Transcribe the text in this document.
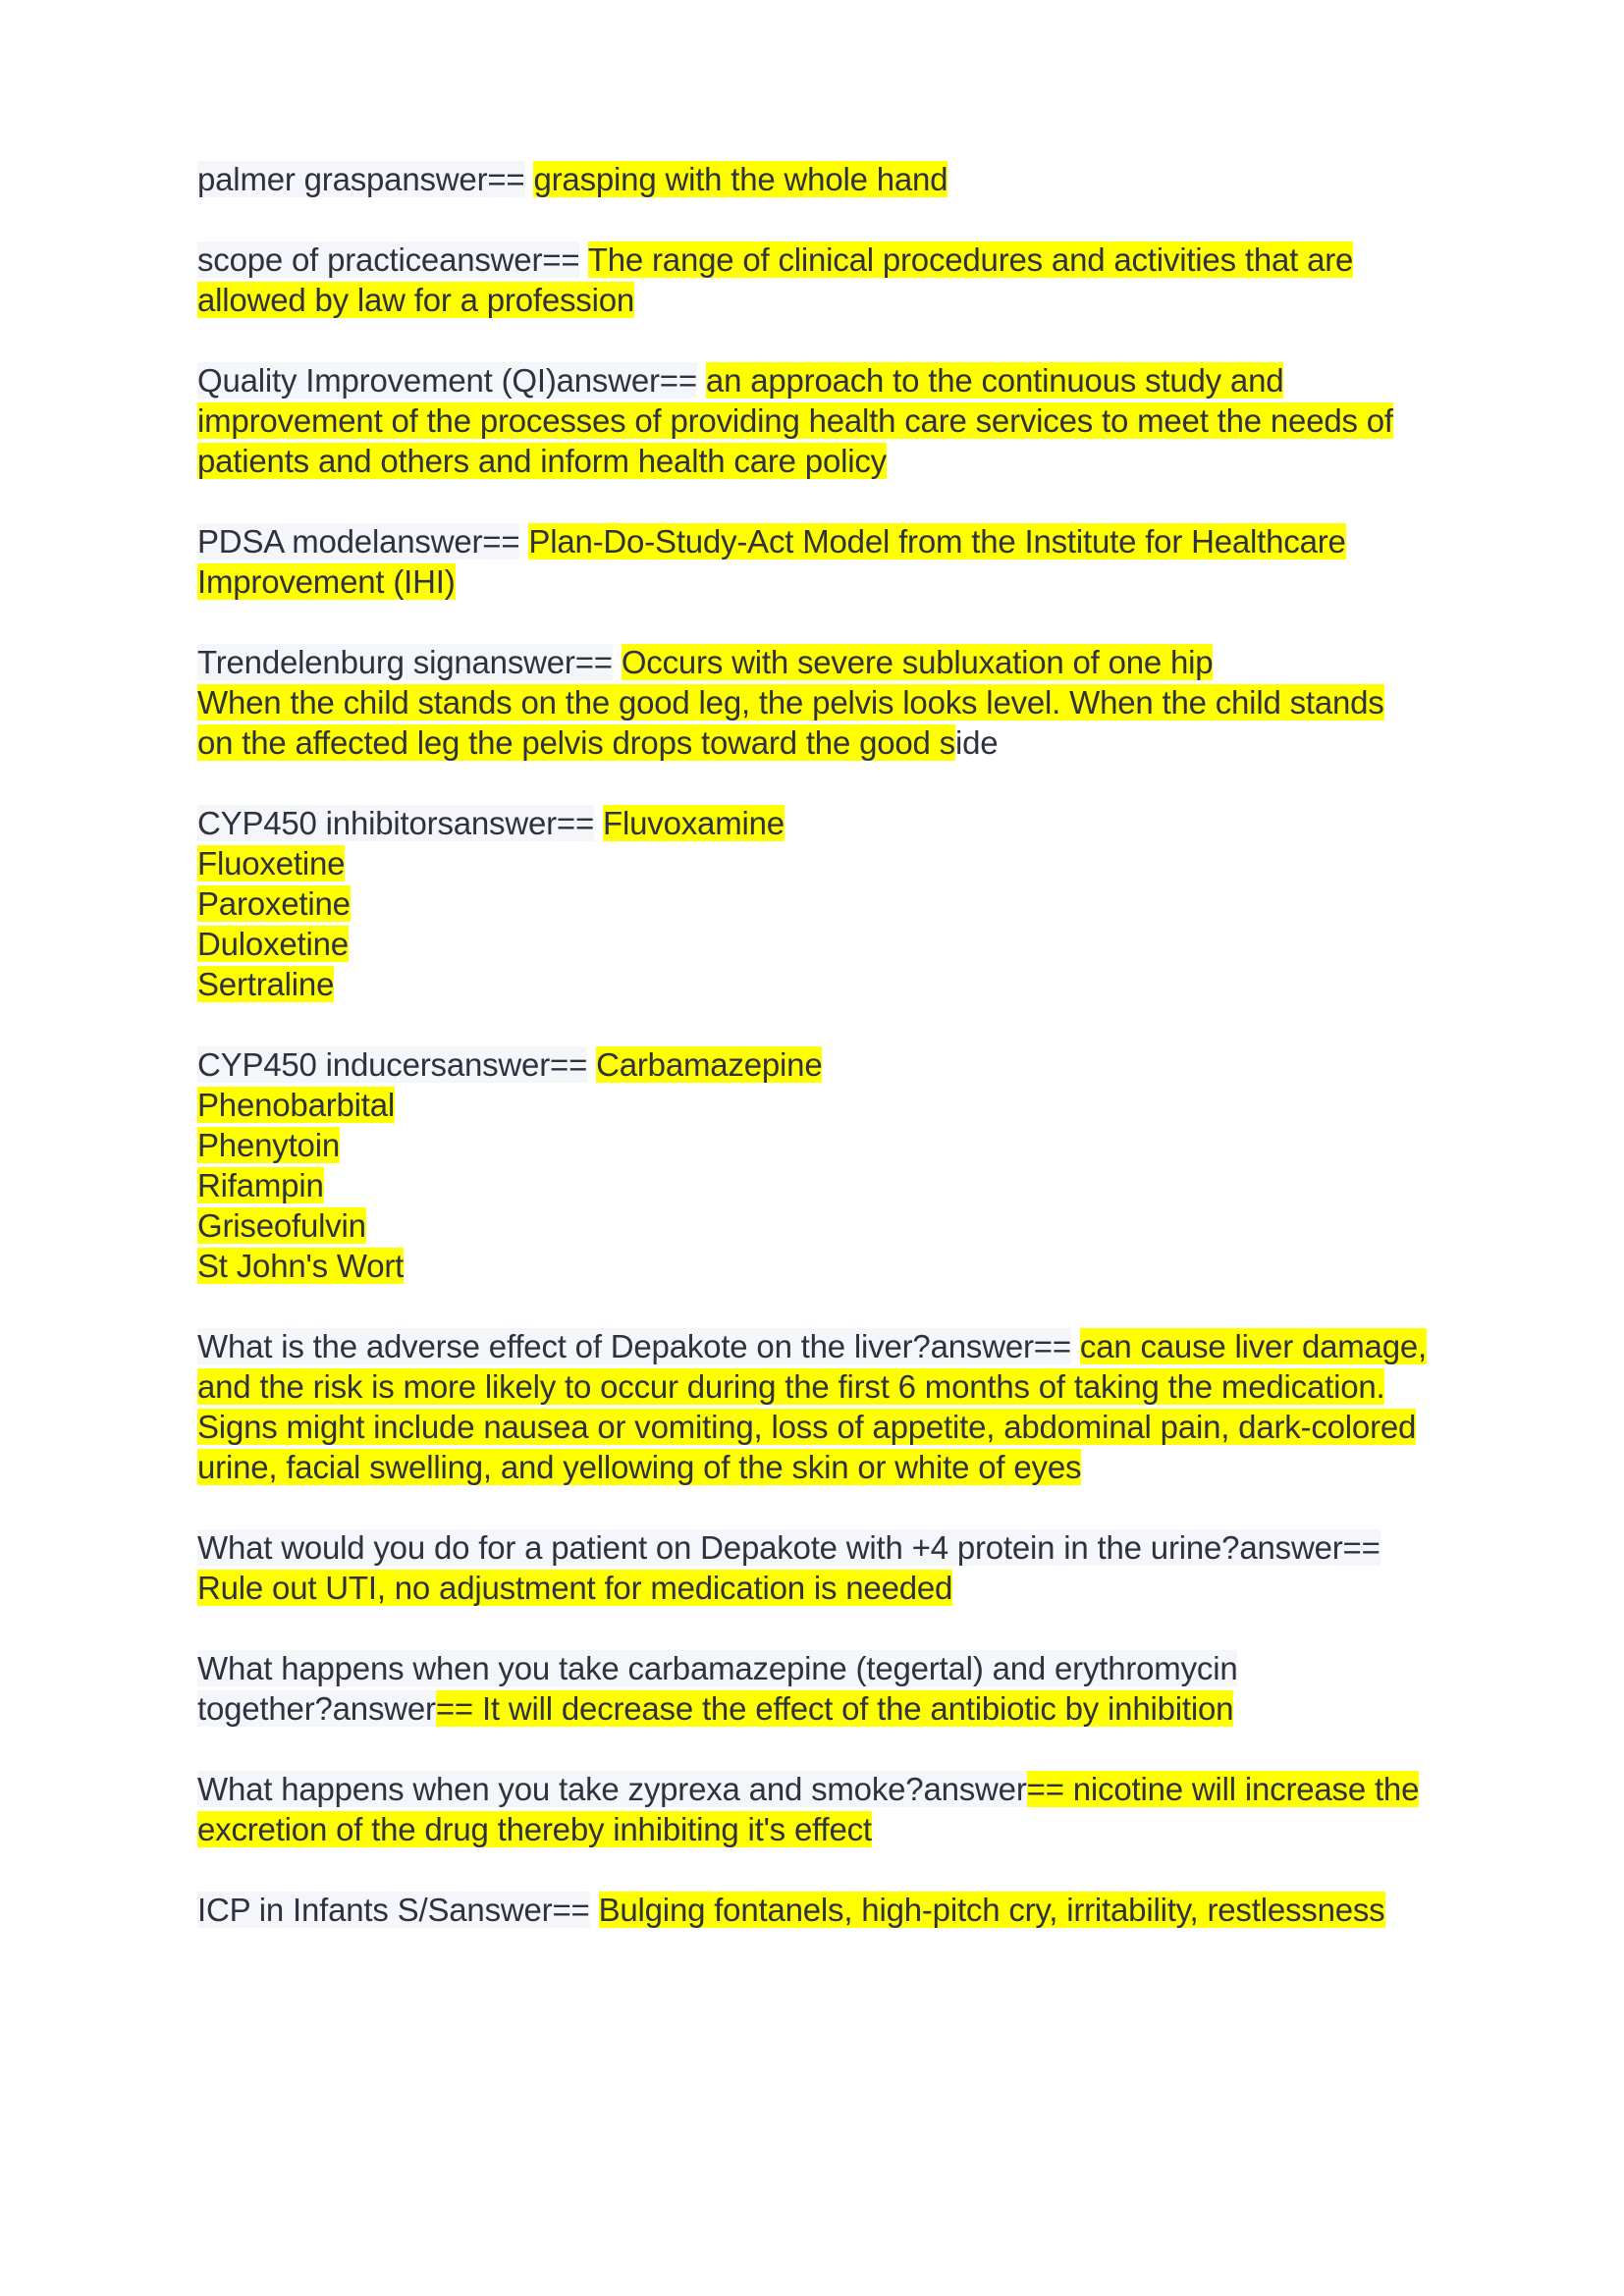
palmer graspanswer== grasping with the whole hand
scope of practiceanswer== The range of clinical procedures and activities that are
allowed by law for a profession
Quality Improvement (QI)answer== an approach to the continuous study and
improvement of the processes of providing health care services to meet the needs of
patients and others and inform health care policy
PDSA modelanswer== Plan-Do-Study-Act Model from the Institute for Healthcare
Improvement (IHI)
Trendelenburg signanswer== Occurs with severe subluxation of one hip
When the child stands on the good leg, the pelvis looks level. When the child stands
on the affected leg the pelvis drops toward the good side
CYP450 inhibitorsanswer== Fluvoxamine
Fluoxetine
Paroxetine
Duloxetine
Sertraline
CYP450 inducersanswer== Carbamazepine
Phenobarbital
Phenytoin
Rifampin
Griseofulvin
St John's Wort
What is the adverse effect of Depakote on the liver?answer== can cause liver damage,
and the risk is more likely to occur during the first 6 months of taking the medication.
Signs might include nausea or vomiting, loss of appetite, abdominal pain, dark-colored
urine, facial swelling, and yellowing of the skin or white of eyes
What would you do for a patient on Depakote with +4 protein in the urine?answer==
Rule out UTI, no adjustment for medication is needed
What happens when you take carbamazepine (tegertal) and erythromycin
together?answer== It will decrease the effect of the antibiotic by inhibition
What happens when you take zyprexa and smoke?answer== nicotine will increase the
excretion of the drug thereby inhibiting it's effect
ICP in Infants S/Sanswer== Bulging fontanels, high-pitch cry, irritability, restlessness
